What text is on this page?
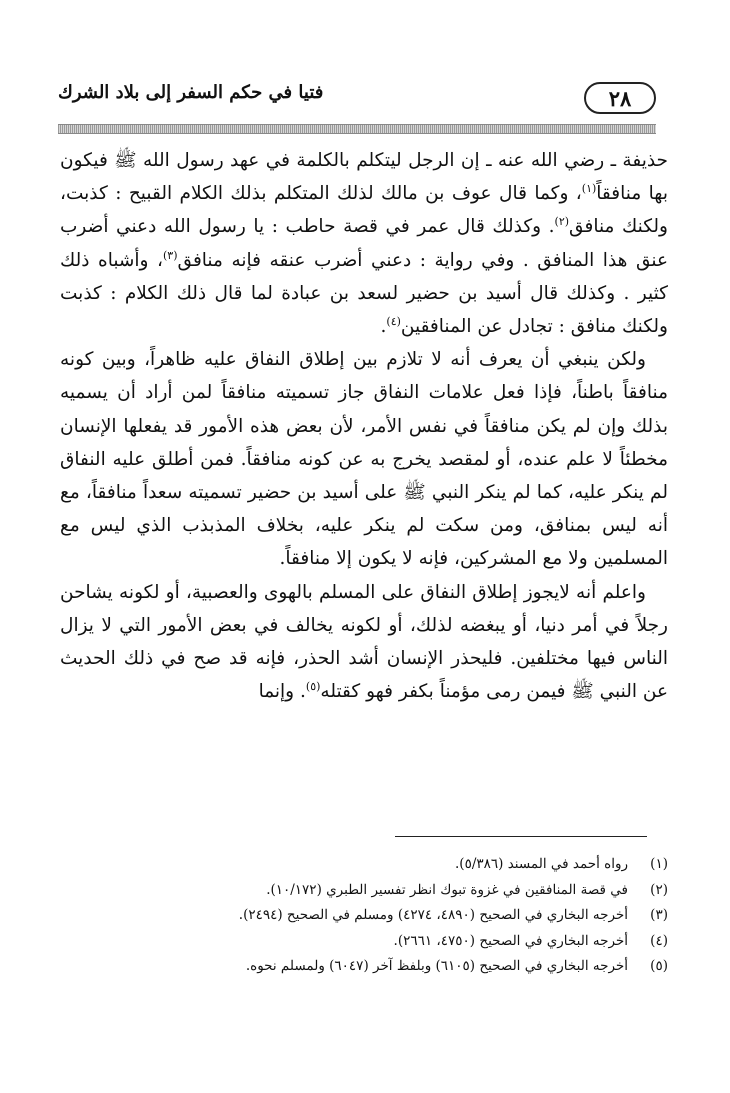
٢٨
فتيا في حكم السفر إلى بلاد الشرك

حذيفة ـ رضي الله عنه ـ إن الرجل ليتكلم بالكلمة في عهد رسول الله ﷺ فيكون بها منافقاً$^{(١)}$، وكما قال عوف بن مالك لذلك المتكلم بذلك الكلام القبيح : كذبت، ولكنك منافق$^{(٢)}$. وكذلك قال عمر في قصة حاطب : يا رسول الله دعني أضرب عنق هذا المنافق . وفي رواية : دعني أضرب عنقه فإنه منافق$^{(٣)}$، وأشباه ذلك كثير . وكذلك قال أسيد بن حضير لسعد بن عبادة لما قال ذلك الكلام : كذبت ولكنك منافق : تجادل عن المنافقين$^{(٤)}$.

ولكن ينبغي أن يعرف أنه لا تلازم بين إطلاق النفاق عليه ظاهراً، وبين كونه منافقاً باطناً، فإذا فعل علامات النفاق جاز تسميته منافقاً لمن أراد أن يسميه بذلك وإن لم يكن منافقاً في نفس الأمر، لأن بعض هذه الأمور قد يفعلها الإنسان مخطئاً لا علم عنده، أو لمقصد يخرج به عن كونه منافقاً. فمن أطلق عليه النفاق لم ينكر عليه، كما لم ينكر النبي ﷺ على أسيد بن حضير تسميته سعداً منافقاً، مع أنه ليس بمنافق، ومن سكت لم ينكر عليه، بخلاف المذبذب الذي ليس مع المسلمين ولا مع المشركين، فإنه لا يكون إلا منافقاً.

واعلم أنه لايجوز إطلاق النفاق على المسلم بالهوى والعصبية، أو لكونه يشاحن رجلاً في أمر دنيا، أو يبغضه لذلك، أو لكونه يخالف في بعض الأمور التي لا يزال الناس فيها مختلفين. فليحذر الإنسان أشد الحذر، فإنه قد صح في ذلك الحديث عن النبي ﷺ فيمن رمى مؤمناً بكفر فهو كقتله$^{(٥)}$. وإنما

(١)
رواه أحمد في المسند (٥/٣٨٦).
(٢)
في قصة المنافقين في غزوة تبوك انظر تفسير الطبري (١٠/١٧٢).
(٣)
أخرجه البخاري في الصحيح (٤٨٩٠، ٤٢٧٤) ومسلم في الصحيح (٢٤٩٤).
(٤)
أخرجه البخاري في الصحيح (٤٧٥٠، ٢٦٦١).
(٥)
أخرجه البخاري في الصحيح (٦١٠٥) وبلفظ آخر (٦٠٤٧) ولمسلم نحوه.
